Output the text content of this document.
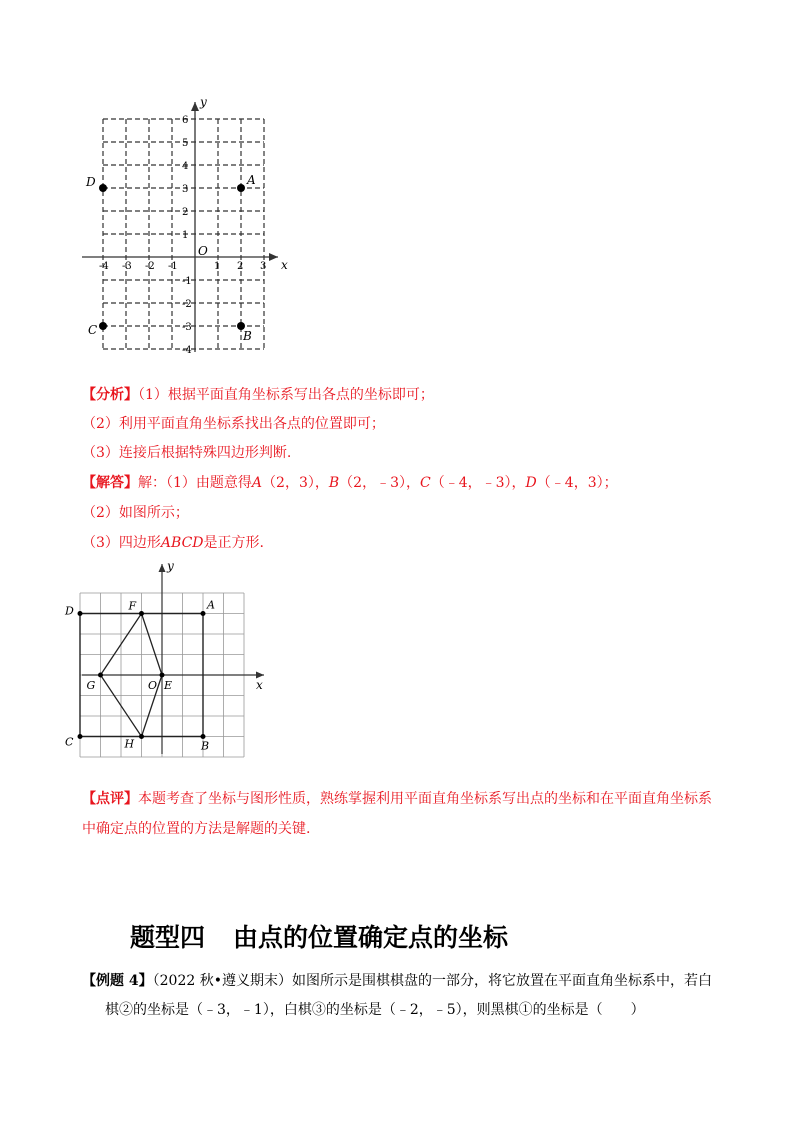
-4 -3 -2 -1	1 2 3
6
5
4
3
2
1
-1
-2
-3
-4
A
B
C
D
x
y
O
【分析】（1）根据平面直角坐标系写出各点的坐标即可；
（2）利用平面直角坐标系找出各点的位置即可；
（3）连接后根据特殊四边形判断.
【解答】解：（1）由题意得A（2，3），B（2，﹣3），C（﹣4，﹣3），D（﹣4，3）；
（2）如图所示；
（3）四边形ABCD是正方形.
A
B
C
D
E
F
G
H
O	x
y
【点评】本题考查了坐标与图形性质，熟练掌握利用平面直角坐标系写出点的坐标和在平面直角坐标系
中确定点的位置的方法是解题的关键.
题型四 由点的位置确定点的坐标
【例题 4】（2022 秋•遵义期末）如图所示是围棋棋盘的一部分，将它放置在平面直角坐标系中，若白
棋②的坐标是（﹣3，﹣1），白棋③的坐标是（﹣2，﹣5），则黑棋①的坐标是（　　）
